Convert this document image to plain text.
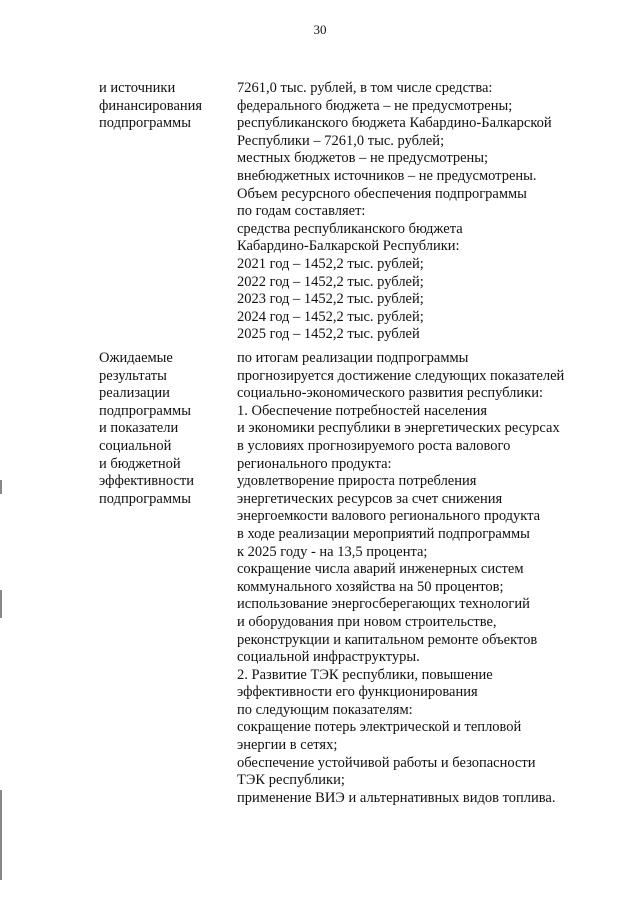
30
и источники
финансирования
подпрограммы
7261,0 тыс. рублей, в том числе средства:
федерального бюджета – не предусмотрены;
республиканского бюджета Кабардино-Балкарской
Республики – 7261,0 тыс. рублей;
местных бюджетов – не предусмотрены;
внебюджетных источников – не предусмотрены.
Объем ресурсного обеспечения подпрограммы
по годам составляет:
средства республиканского бюджета
Кабардино-Балкарской Республики:
2021 год – 1452,2 тыс. рублей;
2022 год – 1452,2 тыс. рублей;
2023 год – 1452,2 тыс. рублей;
2024 год – 1452,2 тыс. рублей;
2025 год – 1452,2 тыс. рублей
Ожидаемые
результаты
реализации
подпрограммы
и показатели
социальной
и бюджетной
эффективности
подпрограммы
по итогам реализации подпрограммы
прогнозируется достижение следующих показателей
социально-экономического развития республики:
1. Обеспечение потребностей населения
и экономики республики в энергетических ресурсах
в условиях прогнозируемого роста валового
регионального продукта:
удовлетворение прироста потребления
энергетических ресурсов за счет снижения
энергоемкости валового регионального продукта
в ходе реализации мероприятий подпрограммы
к 2025 году - на 13,5 процента;
сокращение числа аварий инженерных систем
коммунального хозяйства на 50 процентов;
использование энергосберегающих технологий
и оборудования при новом строительстве,
реконструкции и капитальном ремонте объектов
социальной инфраструктуры.
2. Развитие ТЭК республики, повышение
эффективности его функционирования
по следующим показателям:
сокращение потерь электрической и тепловой
энергии в сетях;
обеспечение устойчивой работы и безопасности
ТЭК республики;
применение ВИЭ и альтернативных видов топлива.
